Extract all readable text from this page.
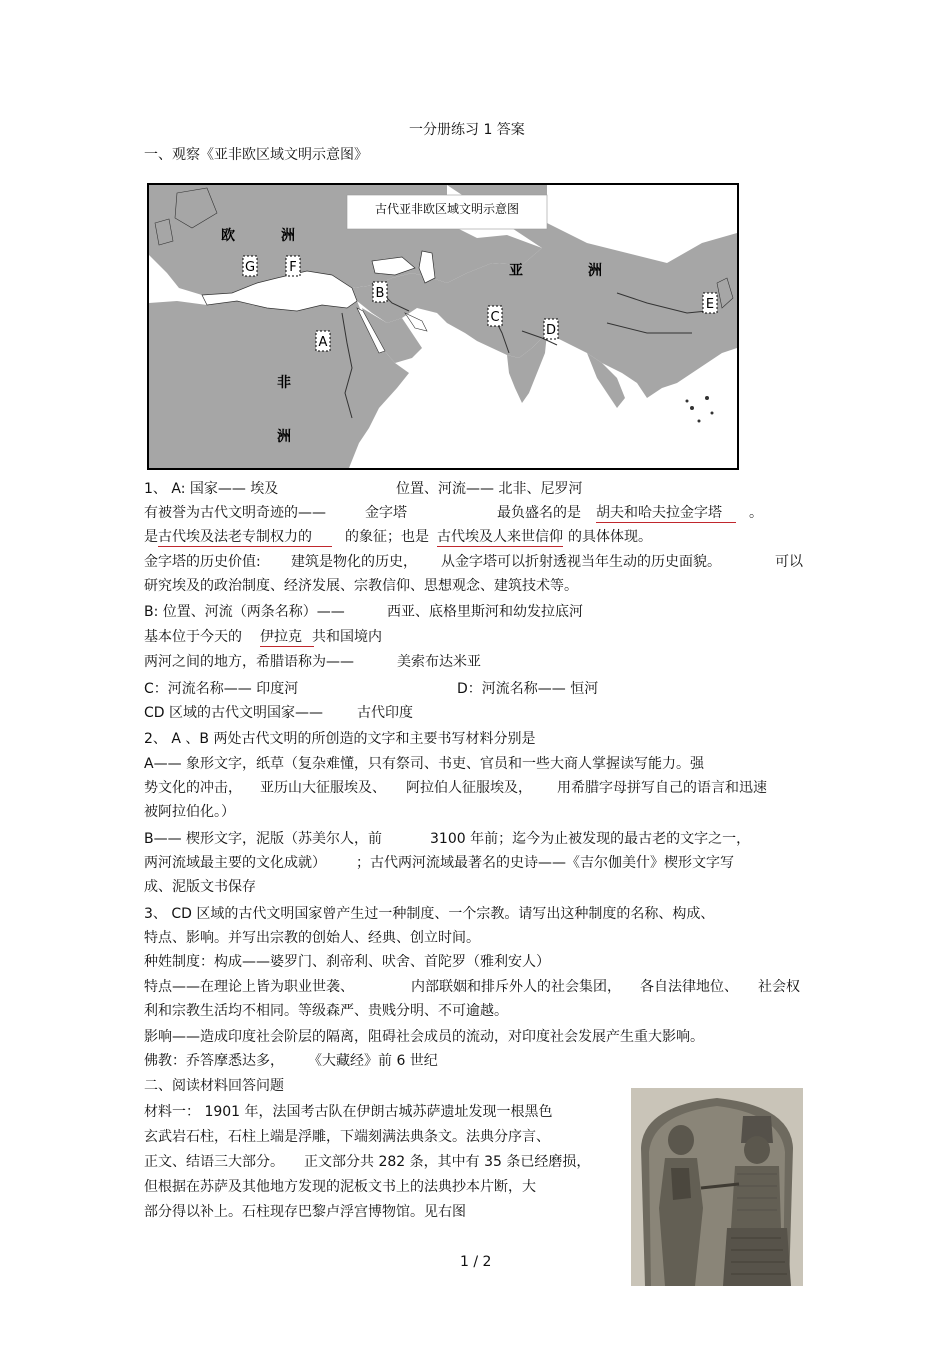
一分册练习 1 答案
一、观察《亚非欧区域文明示意图》
古代亚非欧区域文明示意图
欧	洲
亚	洲
非
洲
G	F
B
C
D
A
E
1、 A: 国家—— 埃及	位置、河流—— 北非、尼罗河
有被誉为古代文明奇迹的——	金字塔	最负盛名的是 胡夫和哈夫拉金字塔	。
是 古代埃及法老专制权力的	的象征；也是 古代埃及人来世信仰 的具体体现。
金字塔的历史价值: 建筑是物化的历史， 从金字塔可以折射透视当年生动的历史面貌。	可以
研究埃及的政治制度、经济发展、宗教信仰、思想观念、建筑技术等。
B: 位置、河流（两条名称）——	西亚、底格里斯河和幼发拉底河
基本位于今天的 伊拉克 共和国境内
两河之间的地方，希腊语称为——	美索布达米亚
C：河流名称—— 印度河	D：河流名称—— 恒河
CD 区域的古代文明国家—— 古代印度
2、 A 、B 两处古代文明的所创造的文字和主要书写材料分别是
A—— 象形文字，纸草（复杂难懂，只有祭司、书吏、官员和一些大商人掌握读写能力。强
势文化的冲击， 亚历山大征服埃及、 阿拉伯人征服埃及， 用希腊字母拼写自己的语言和迅速
被阿拉伯化。）
B—— 楔形文字，泥版（苏美尔人，前	3100 年前；迄今为止被发现的最古老的文字之一，
两河流域最主要的文化成就） ；古代两河流域最著名的史诗——《吉尔伽美什》楔形文字写
成、泥版文书保存
3、 CD 区域的古代文明国家曾产生过一种制度、一个宗教。请写出这种制度的名称、构成、
特点、影响。并写出宗教的创始人、经典、创立时间。
种姓制度：构成——婆罗门、刹帝利、吠舍、首陀罗（雅利安人）
特点——在理论上皆为职业世袭、	内部联姻和排斥外人的社会集团， 各自法律地位、 社会权
利和宗教生活均不相同。等级森严、贵贱分明、不可逾越。
影响——造成印度社会阶层的隔离，阻碍社会成员的流动，对印度社会发展产生重大影响。
佛教：乔答摩悉达多， 《大藏经》前 6 世纪
二、阅读材料回答问题
材料一： 1901 年，法国考古队在伊朗古城苏萨遗址发现一根黑色
玄武岩石柱，石柱上端是浮雕，下端刻满法典条文。法典分序言、
正文、结语三大部分。 正文部分共 282 条，其中有 35 条已经磨损，
但根据在苏萨及其他地方发现的泥板文书上的法典抄本片断，大
部分得以补上。石柱现存巴黎卢浮宫博物馆。见右图
1 / 2
